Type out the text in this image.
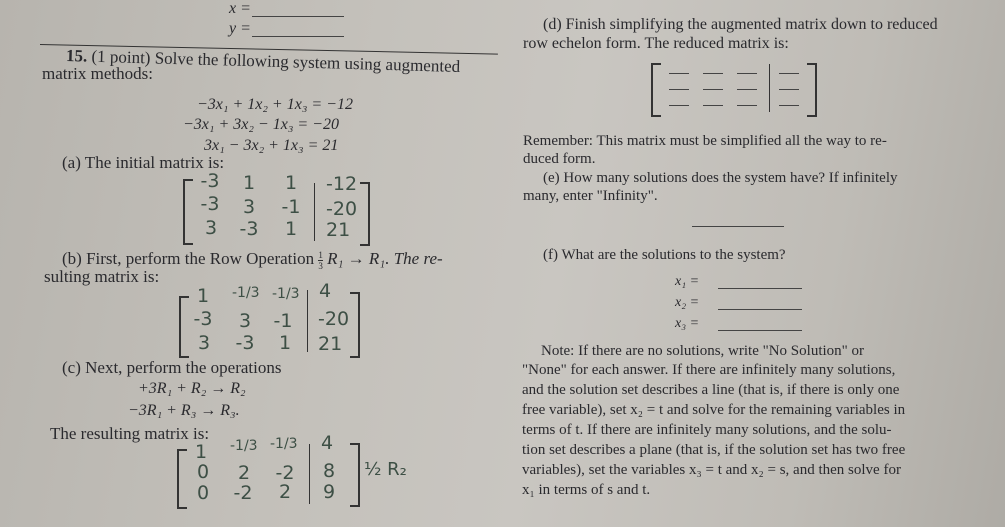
x =
y =
15. (1 point) Solve the following system using augmented
matrix methods:
−3x₁ + 1x₂ + 1x₃ = −12
−3x₁ + 3x₂ − 1x₃ = −20
3x₁ − 3x₂ + 1x₃ = 21
(a) The initial matrix is:
-3 1 1 -12
-3 3 -1 -20
3 -3 1 21
(b) First, perform the Row Operation $\frac{1}{3} R_1 \to R_1$. The re-
sulting matrix is:
1	-1/3 -1/3 4
-3 3 -1 -20
3 -3 1 21
(c) Next, perform the operations
+3R₁ + R₂ → R₂
−3R₁ + R₃ → R₃.
The resulting matrix is:
1	-1/3 -1/3 4
0 2 -2 8
0 -2 2 9
½ R₂
(d) Finish simplifying the augmented matrix down to reduced
row echelon form. The reduced matrix is:
Remember: This matrix must be simplified all the way to re-
duced form.
(e) How many solutions does the system have? If infinitely
many, enter "Infinity".
(f) What are the solutions to the system?
x₁ =
x₂ =
x₃ =
Note: If there are no solutions, write "No Solution" or
"None" for each answer. If there are infinitely many solutions,
and the solution set describes a line (that is, if there is only one
free variable), set x₂ = t and solve for the remaining variables in
terms of t. If there are infinitely many solutions, and the solu-
tion set describes a plane (that is, if the solution set has two free
variables), set the variables x₃ = t and x₂ = s, and then solve for
x₁ in terms of s and t.
